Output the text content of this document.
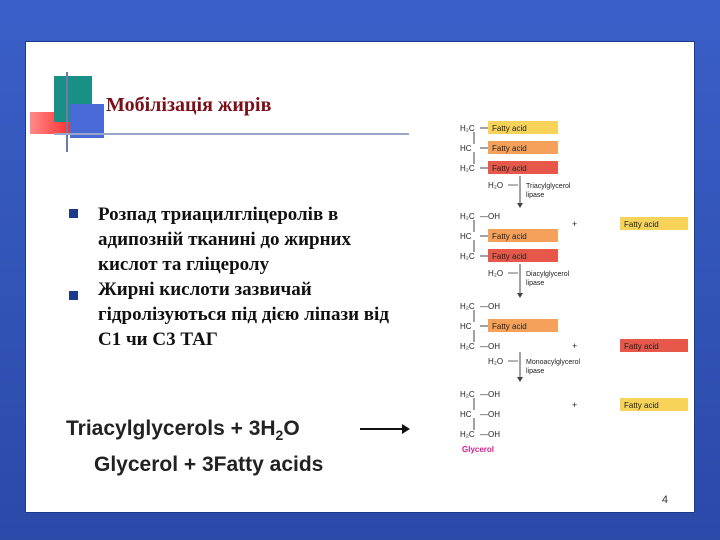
Мобілізація жирів
Розпад триацилгліцеролів в адипозній тканині до жирних кислот та гліцеролу
Жирні кислоти зазвичай гідролізуються під дією ліпази від С1 чи С3 ТАГ
Triacylglycerols + $3H_2O$
Glycerol + 3Fatty acids
H₂C Fatty acid
HC	Fatty acid
H₂C Fatty acid
H₂O	Triacylglycerol
lipase
H₂C —OH
HC	Fatty acid
H₂C Fatty acid
+	Fatty acid
H₂O	Diacylglycerol
lipase
H₂C —OH
HC	Fatty acid
H₂C —OH	+	Fatty acid
H₂O	Monoacylglycerol
lipase
H₂C —OH
HC —OH
H₂C —OH
+	Fatty acid
Glycerol
4
